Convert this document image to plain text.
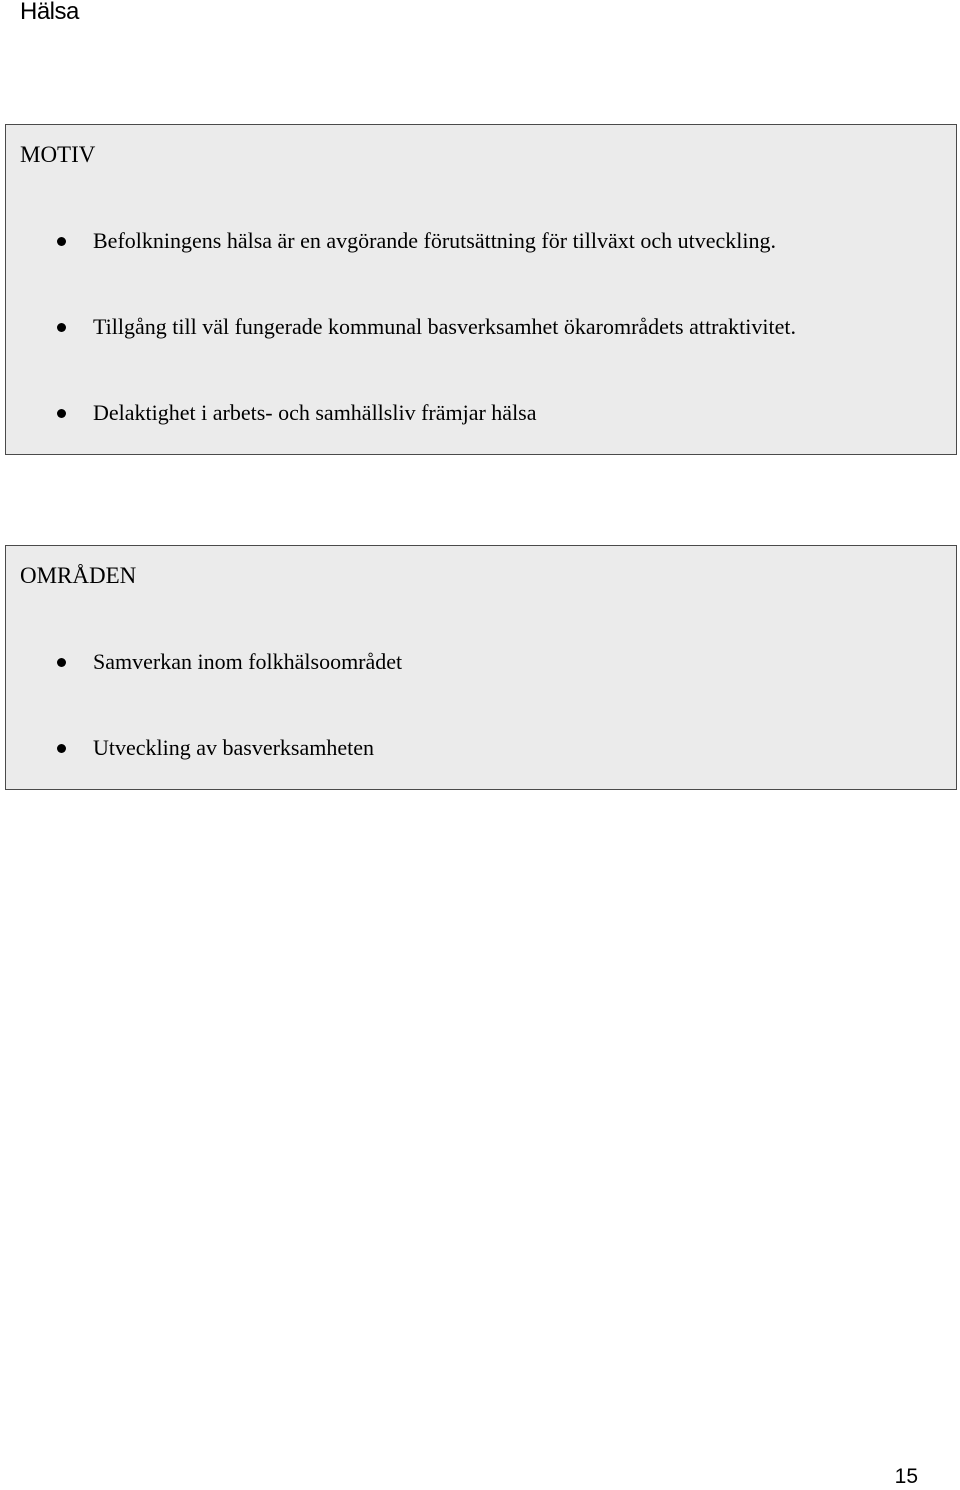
Hälsa
MOTIV
Befolkningens hälsa är en avgörande förutsättning för tillväxt och utveckling.
Tillgång till väl fungerade kommunal basverksamhet ökarområdets attraktivitet.
Delaktighet i arbets- och samhällsliv främjar hälsa
OMRÅDEN
Samverkan inom folkhälsoområdet
Utveckling av basverksamheten
15
